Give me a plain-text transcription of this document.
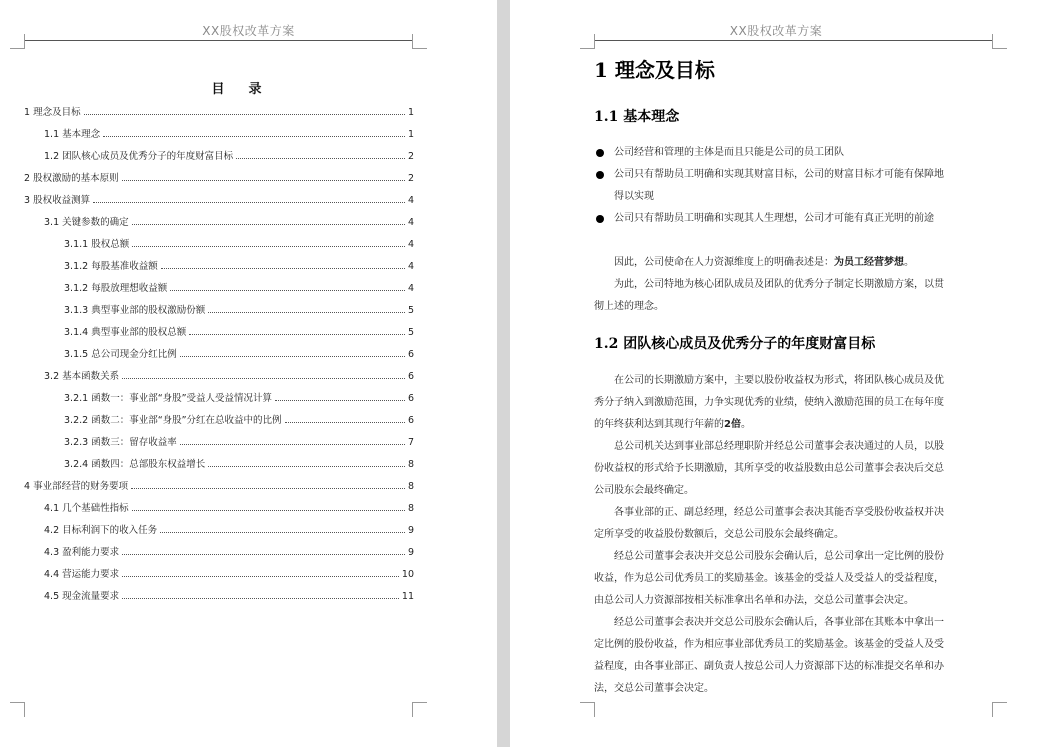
XX股权改革方案
目录
1 理念及目标	1
1.1 基本理念	1
1.2 团队核心成员及优秀分子的年度财富目标	2
2 股权激励的基本原则	2
3 股权收益测算	4
3.1 关键参数的确定	4
3.1.1 股权总额	4
3.1.2 每股基准收益额	4
3.1.2 每股放理想收益额	4
3.1.3 典型事业部的股权激励份额	5
3.1.4 典型事业部的股权总额	5
3.1.5 总公司现金分红比例	6
3.2 基本函数关系	6
3.2.1 函数一：事业部“身股”受益人受益情况计算	6
3.2.2 函数二：事业部“身股”分红在总收益中的比例	6
3.2.3 函数三：留存收益率	7
3.2.4 函数四：总部股东权益增长	8
4 事业部经营的财务要项	8
4.1 几个基础性指标	8
4.2 目标利润下的收入任务	9
4.3 盈利能力要求	9
4.4 营运能力要求	10
4.5 现金流量要求	11
XX股权改革方案
1 理念及目标
1.1 基本理念
公司经营和管理的主体是而且只能是公司的员工团队
公司只有帮助员工明确和实现其财富目标，公司的财富目标才可能有保障地
得以实现
公司只有帮助员工明确和实现其人生理想，公司才可能有真正光明的前途
因此，公司使命在人力资源维度上的明确表述是：为员工经营梦想。
为此，公司特地为核心团队成员及团队的优秀分子制定长期激励方案，以贯
彻上述的理念。
1.2 团队核心成员及优秀分子的年度财富目标
在公司的长期激励方案中，主要以股份收益权为形式，将团队核心成员及优
秀分子纳入到激励范围，力争实现优秀的业绩，使纳入激励范围的员工在每年度
的年终获利达到其现行年薪的2倍。
总公司机关达到事业部总经理职阶并经总公司董事会表决通过的人员，以股
份收益权的形式给予长期激励，其所享受的收益股数由总公司董事会表决后交总
公司股东会最终确定。
各事业部的正、副总经理，经总公司董事会表决其能否享受股份收益权并决
定所享受的收益股份数额后，交总公司股东会最终确定。
经总公司董事会表决并交总公司股东会确认后，总公司拿出一定比例的股份
收益，作为总公司优秀员工的奖励基金。该基金的受益人及受益人的受益程度，
由总公司人力资源部按相关标准拿出名单和办法，交总公司董事会决定。
经总公司董事会表决并交总公司股东会确认后，各事业部在其账本中拿出一
定比例的股份收益，作为相应事业部优秀员工的奖励基金。该基金的受益人及受
益程度，由各事业部正、副负责人按总公司人力资源部下达的标准提交名单和办
法，交总公司董事会决定。
